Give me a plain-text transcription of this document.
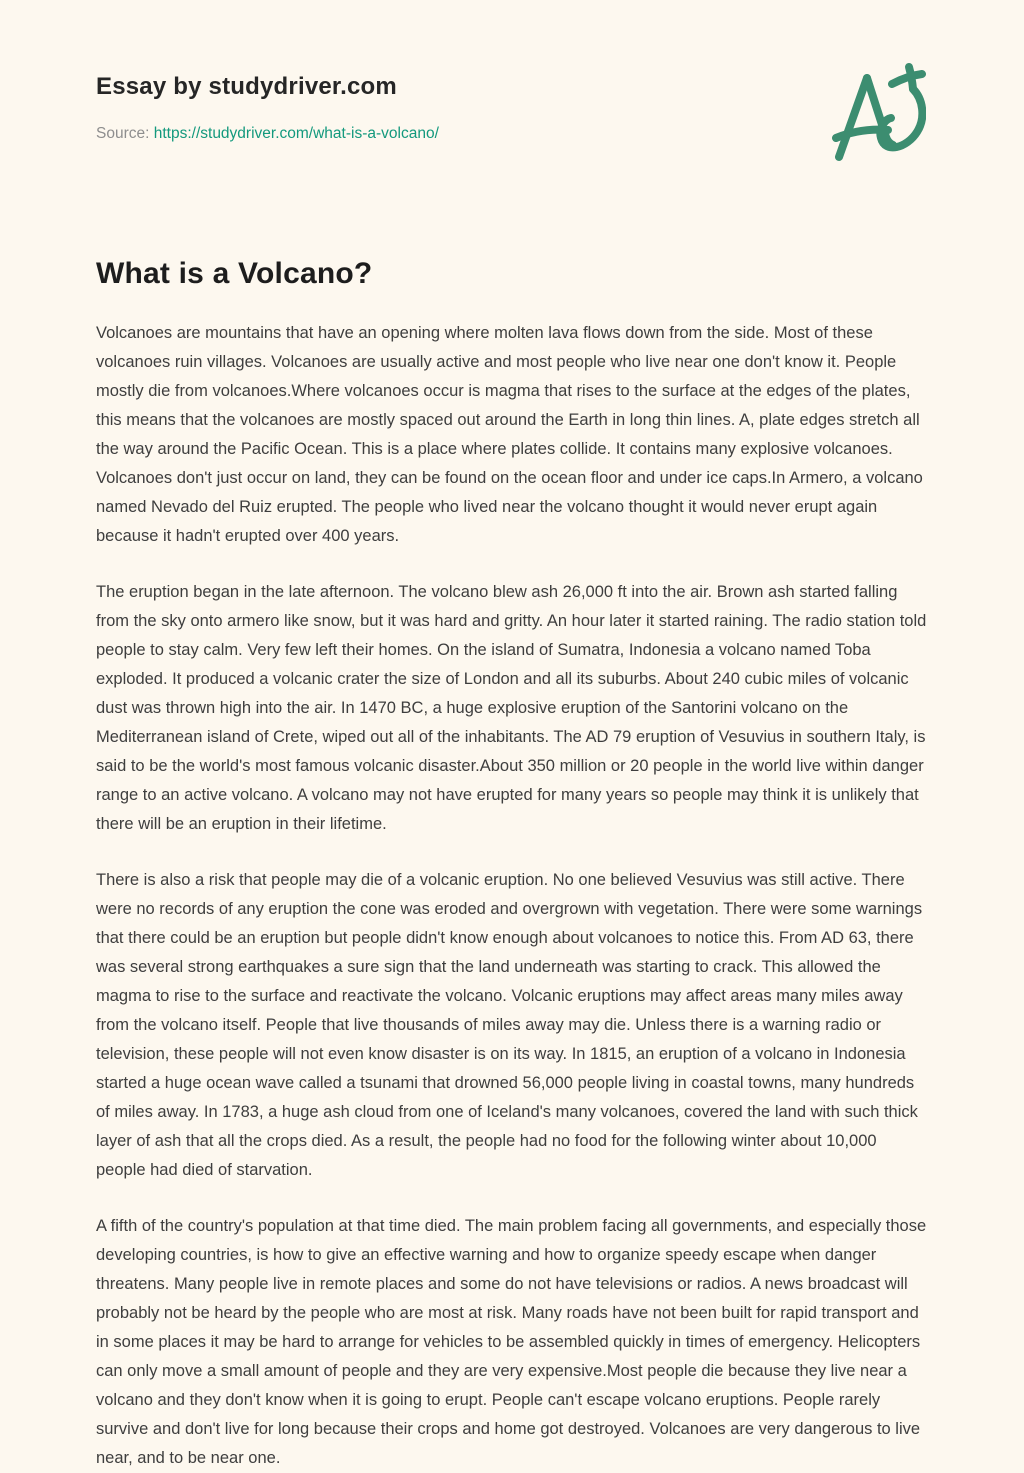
Essay by studydriver.com
Source: https://studydriver.com/what-is-a-volcano/
What is a Volcano?

Volcanoes are mountains that have an opening where molten lava flows down from the side. Most of these volcanoes ruin villages. Volcanoes are usually active and most people who live near one don't know it. People mostly die from volcanoes.Where volcanoes occur is magma that rises to the surface at the edges of the plates, this means that the volcanoes are mostly spaced out around the Earth in long thin lines. A, plate edges stretch all the way around the Pacific Ocean. This is a place where plates collide. It contains many explosive volcanoes. Volcanoes don't just occur on land, they can be found on the ocean floor and under ice caps.In Armero, a volcano named Nevado del Ruiz erupted. The people who lived near the volcano thought it would never erupt again because it hadn't erupted over 400 years.

The eruption began in the late afternoon. The volcano blew ash 26,000 ft into the air. Brown ash started falling from the sky onto armero like snow, but it was hard and gritty. An hour later it started raining. The radio station told people to stay calm. Very few left their homes. On the island of Sumatra, Indonesia a volcano named Toba exploded. It produced a volcanic crater the size of London and all its suburbs. About 240 cubic miles of volcanic dust was thrown high into the air. In 1470 BC, a huge explosive eruption of the Santorini volcano on the Mediterranean island of Crete, wiped out all of the inhabitants. The AD 79 eruption of Vesuvius in southern Italy, is said to be the world's most famous volcanic disaster.About 350 million or 20 people in the world live within danger range to an active volcano. A volcano may not have erupted for many years so people may think it is unlikely that there will be an eruption in their lifetime.

There is also a risk that people may die of a volcanic eruption. No one believed Vesuvius was still active. There were no records of any eruption the cone was eroded and overgrown with vegetation. There were some warnings that there could be an eruption but people didn't know enough about volcanoes to notice this. From AD 63, there was several strong earthquakes a sure sign that the land underneath was starting to crack. This allowed the magma to rise to the surface and reactivate the volcano. Volcanic eruptions may affect areas many miles away from the volcano itself. People that live thousands of miles away may die. Unless there is a warning radio or television, these people will not even know disaster is on its way. In 1815, an eruption of a volcano in Indonesia started a huge ocean wave called a tsunami that drowned 56,000 people living in coastal towns, many hundreds of miles away. In 1783, a huge ash cloud from one of Iceland's many volcanoes, covered the land with such thick layer of ash that all the crops died. As a result, the people had no food for the following winter about 10,000 people had died of starvation.

A fifth of the country's population at that time died. The main problem facing all governments, and especially those developing countries, is how to give an effective warning and how to organize speedy escape when danger threatens. Many people live in remote places and some do not have televisions or radios. A news broadcast will probably not be heard by the people who are most at risk. Many roads have not been built for rapid transport and in some places it may be hard to arrange for vehicles to be assembled quickly in times of emergency. Helicopters can only move a small amount of people and they are very expensive.Most people die because they live near a volcano and they don't know when it is going to erupt. People can't escape volcano eruptions. People rarely survive and don't live for long because their crops and home got destroyed. Volcanoes are very dangerous to live near, and to be near one.
